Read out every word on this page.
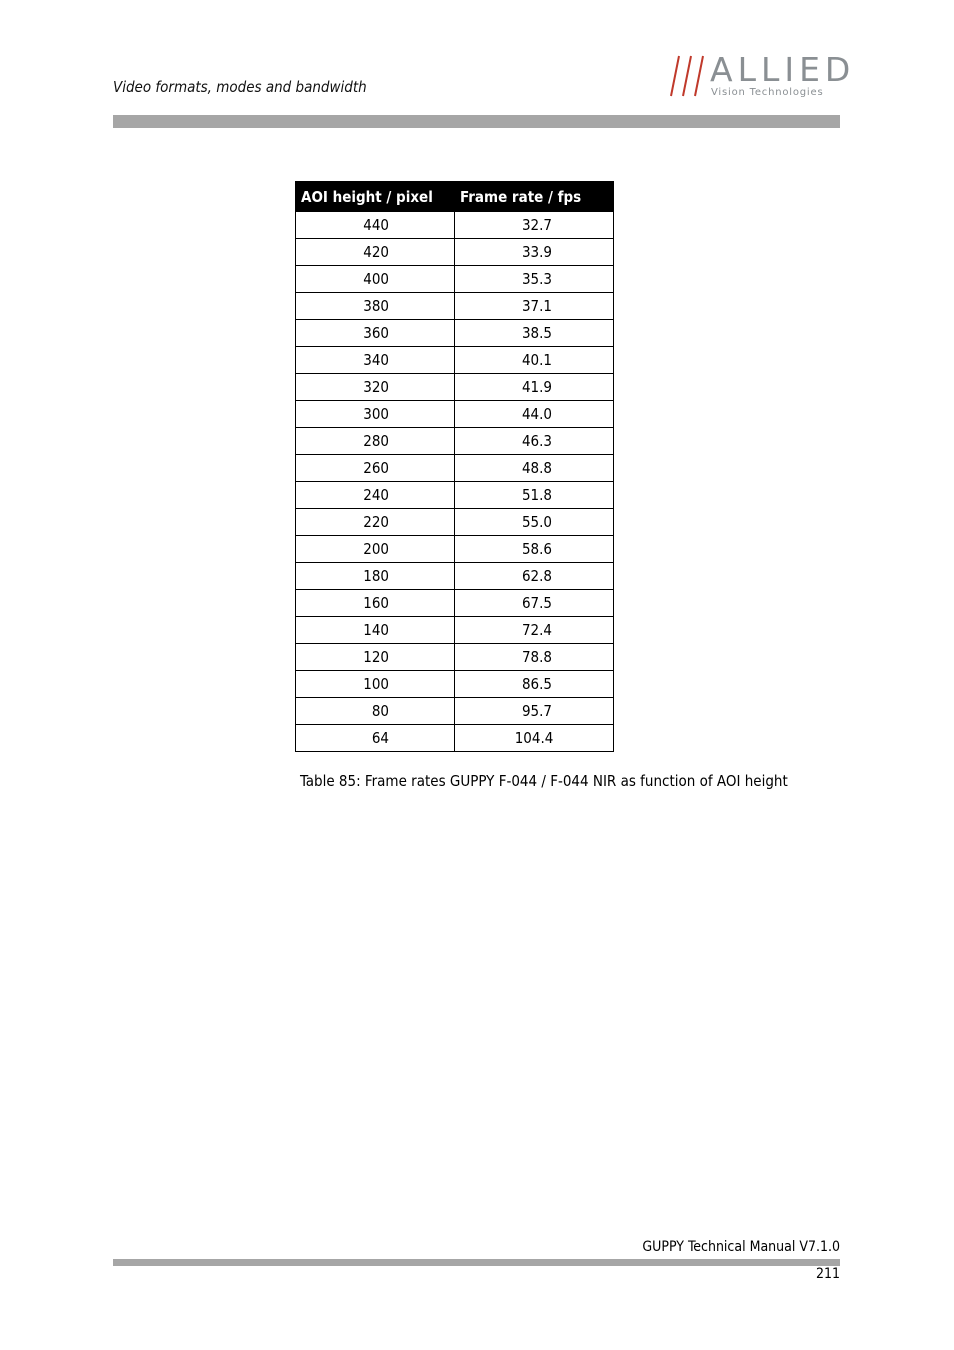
Video formats, modes and bandwidth	ALLIED
Vision Technologies
AOI height / pixel	Frame rate / fps
440	32.7
420	33.9
400	35.3
380	37.1
360	38.5
340	40.1
320	41.9
300	44.0
280	46.3
260	48.8
240	51.8
220	55.0
200	58.6
180	62.8
160	67.5
140	72.4
120	78.8
100	86.5
80	95.7
64	104.4
Table 85: Frame rates GUPPY F-044 / F-044 NIR as function of AOI height
GUPPY Technical Manual V7.1.0
211
